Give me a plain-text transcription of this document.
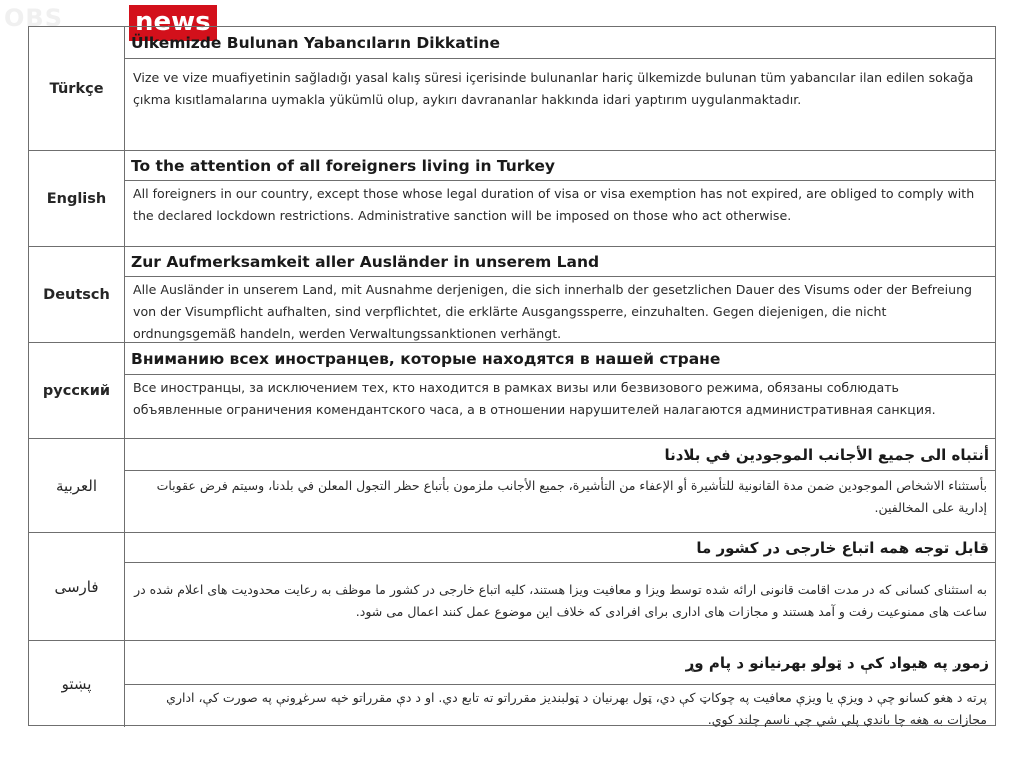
OBS	news
Türkçe
Ülkemizde Bulunan Yabancıların Dikkatine
Vize ve vize muafiyetinin sağladığı yasal kalış süresi içerisinde bulunanlar hariç ülkemizde bulunan tüm yabancılar ilan edilen sokağa çıkma kısıtlamalarına uymakla yükümlü olup, aykırı davrananlar hakkında idari yaptırım uygulanmaktadır.
English
To the attention of all foreigners living in Turkey
All foreigners in our country, except those whose legal duration of visa or visa exemption has not expired, are obliged to comply with the declared lockdown restrictions. Administrative sanction will be imposed on those who act otherwise.
Deutsch
Zur Aufmerksamkeit aller Ausländer in unserem Land
Alle Ausländer in unserem Land, mit Ausnahme derjenigen, die sich innerhalb der gesetzlichen Dauer des Visums oder der Befreiung von der Visumpflicht aufhalten, sind verpflichtet, die erklärte Ausgangssperre, einzuhalten. Gegen diejenigen, die nicht ordnungsgemäß handeln, werden Verwaltungssanktionen verhängt.
русский
Вниманию всех иностранцев, которые находятся в нашей стране
Все иностранцы, за исключением тех, кто находится в рамках визы или безвизового режима, обязаны соблюдать объявленные ограничения комендантского часа, а в отношении нарушителей налагаются административная санкция.
العربية
أنتباه الى جميع الأجانب الموجودين في بلادنا
بأستثناء الاشخاص الموجودين ضمن مدة القانونية للتأشيرة أو الإعفاء من التأشيرة، جميع الأجانب ملزمون بأتباع حظر التجول المعلن في بلدنا، وسيتم فرض عقوبات إدارية على المخالفين.
فارسی
قابل توجه همه اتباع خارجی در کشور ما
به استثنای کسانی که در مدت اقامت قانونی ارائه شده توسط ویزا و معافیت ویزا هستند، کلیه اتباع خارجی در کشور ما موظف به رعایت محدودیت های اعلام شده در ساعت های ممنوعیت رفت و آمد هستند و مجازات های اداری برای افرادی که خلاف این موضوع عمل کنند اعمال می شود.
پښتو
زموږ په هیواد کې د ټولو بهرنیانو د پام وړ
پرته د هغو کسانو چې د ویزې یا ویزې معافیت په چوکاټ کې دي، ټول بهرنیان د ټولبندیز مقرراتو ته تابع دي. او د دې مقرراتو خپه سرغړونې په صورت کې، اداري مجازات به هغه چا باندې پلې شي چې ناسم چلند کوي.
